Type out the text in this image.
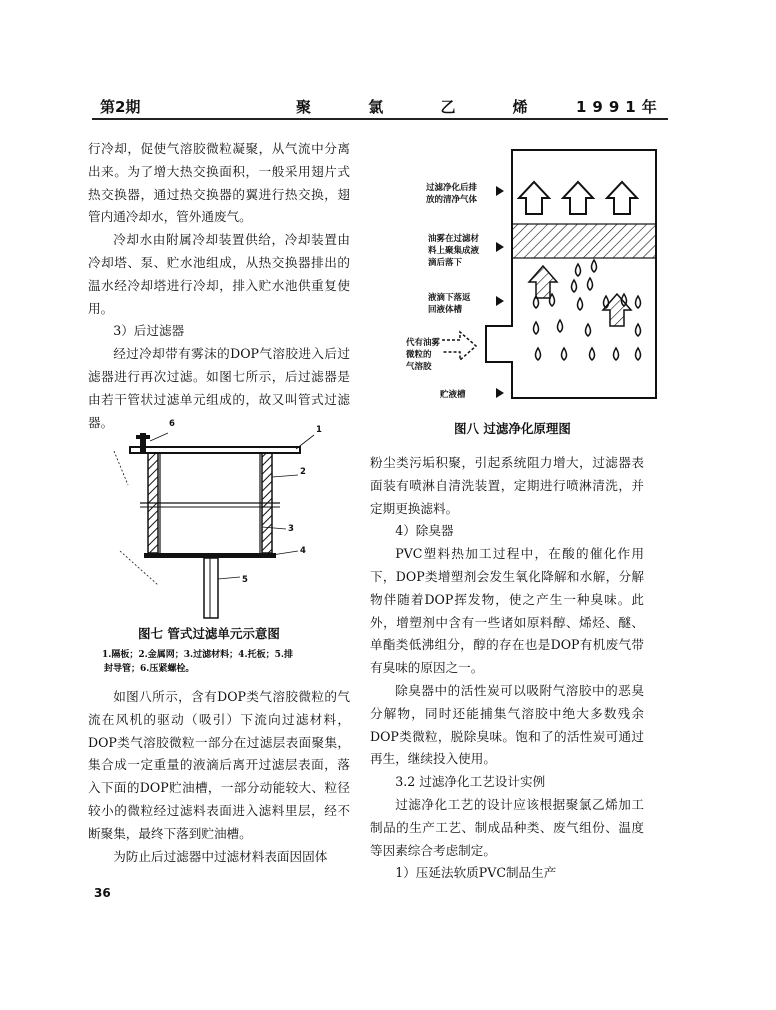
第2期	聚 氯 乙 烯 1991年

行冷却，促使气溶胶微粒凝聚，从气流中分离出来。为了增大热交换面积，一般采用翅片式热交换器，通过热交换器的翼进行热交换，翅管内通冷却水，管外通废气。

冷却水由附属冷却装置供给，冷却装置由冷却塔、泵、贮水池组成，从热交换器排出的温水经冷却塔进行冷却，排入贮水池供重复使用。

3）后过滤器

经过冷却带有雾沫的DOP气溶胶进入后过滤器进行再次过滤。如图七所示，后过滤器是由若干管状过滤单元组成的，故又叫管式过滤器。	6
1
2
3
4
5
图七 管式过滤单元示意图
1.隔板；2.金属网；3.过滤材料；4.托板；5.排
封导管；6.压紧螺栓。

如图八所示，含有DOP类气溶胶微粒的气流在风机的驱动（吸引）下流向过滤材料，DOP类气溶胶微粒一部分在过滤层表面聚集，集合成一定重量的液滴后离开过滤层表面，落入下面的DOP贮油槽，一部分动能较大、粒径较小的微粒经过滤料表面进入滤料里层，经不断聚集，最终下落到贮油槽。

为防止后过滤器中过滤材料表面因固体

过滤净化后排
放的清净气体
油雾在过滤材
料上聚集成液
滴后落下
液滴下落返
回液体槽
代有油雾
微粒的
气溶胶
贮液槽
图八 过滤净化原理图

粉尘类污垢积聚，引起系统阻力增大，过滤器表面装有喷淋自清洗装置，定期进行喷淋清洗，并定期更换滤料。

4）除臭器

PVC塑料热加工过程中，在酸的催化作用下，DOP类增塑剂会发生氧化降解和水解，分解物伴随着DOP挥发物，使之产生一种臭味。此外，增塑剂中含有一些诸如原料醇、烯烃、醚、单酯类低沸组分，醇的存在也是DOP有机废气带有臭味的原因之一。

除臭器中的活性炭可以吸附气溶胶中的恶臭分解物，同时还能捕集气溶胶中绝大多数残余DOP类微粒，脱除臭味。饱和了的活性炭可通过再生，继续投入使用。

3.2 过滤净化工艺设计实例

过滤净化工艺的设计应该根据聚氯乙烯加工制品的生产工艺、制成品种类、废气组份、温度等因素综合考虑制定。

1）压延法软质PVC制品生产

36
